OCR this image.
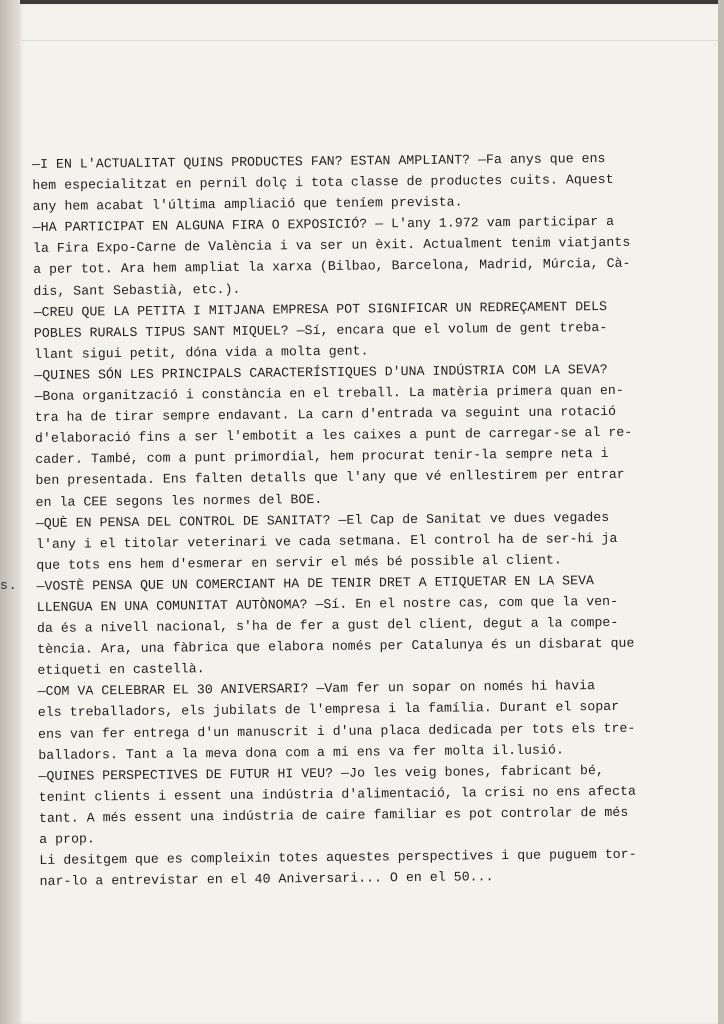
s.
—I EN L'ACTUALITAT QUINS PRODUCTES FAN? ESTAN AMPLIANT? —Fa anys que ens
hem especialitzat en pernil dolç i tota classe de productes cuits. Aquest
any hem acabat l'última ampliació que teníem prevista.
—HA PARTICIPAT EN ALGUNA FIRA O EXPOSICIÓ? — L'any 1.972 vam participar a
la Fira Expo-Carne de València i va ser un èxit. Actualment tenim viatjants
a per tot. Ara hem ampliat la xarxa (Bilbao, Barcelona, Madrid, Múrcia, Cà-
dis, Sant Sebastià, etc.).
—CREU QUE LA PETITA I MITJANA EMPRESA POT SIGNIFICAR UN REDREÇAMENT DELS
POBLES RURALS TIPUS SANT MIQUEL? —Sí, encara que el volum de gent treba-
llant sigui petit, dóna vida a molta gent.
—QUINES SÓN LES PRINCIPALS CARACTERÍSTIQUES D'UNA INDÚSTRIA COM LA SEVA?
—Bona organització i constància en el treball. La matèria primera quan en-
tra ha de tirar sempre endavant. La carn d'entrada va seguint una rotació
d'elaboració fins a ser l'embotit a les caixes a punt de carregar-se al re-
cader. També, com a punt primordial, hem procurat tenir-la sempre neta i
ben presentada. Ens falten detalls que l'any que vé enllestirem per entrar
en la CEE segons les normes del BOE.
—QUÈ EN PENSA DEL CONTROL DE SANITAT? —El Cap de Sanitat ve dues vegades
l'any i el titolar veterinari ve cada setmana. El control ha de ser-hi ja
que tots ens hem d'esmerar en servir el més bé possible al client.
—VOSTÈ PENSA QUE UN COMERCIANT HA DE TENIR DRET A ETIQUETAR EN LA SEVA
LLENGUA EN UNA COMUNITAT AUTÒNOMA? —Sí. En el nostre cas, com que la ven-
da és a nivell nacional, s'ha de fer a gust del client, degut a la compe-
tència. Ara, una fàbrica que elabora només per Catalunya és un disbarat que
etiqueti en castellà.
—COM VA CELEBRAR EL 30 ANIVERSARI? —Vam fer un sopar on només hi havia
els treballadors, els jubilats de l'empresa i la família. Durant el sopar
ens van fer entrega d'un manuscrit i d'una placa dedicada per tots els tre-
balladors. Tant a la meva dona com a mi ens va fer molta il.lusió.
—QUINES PERSPECTIVES DE FUTUR HI VEU? —Jo les veig bones, fabricant bé,
tenint clients i essent una indústria d'alimentació, la crisi no ens afecta
tant. A més essent una indústria de caire familiar es pot controlar de més
a prop.
Li desitgem que es compleixin totes aquestes perspectives i que puguem tor-
nar-lo a entrevistar en el 40 Aniversari... O en el 50...
